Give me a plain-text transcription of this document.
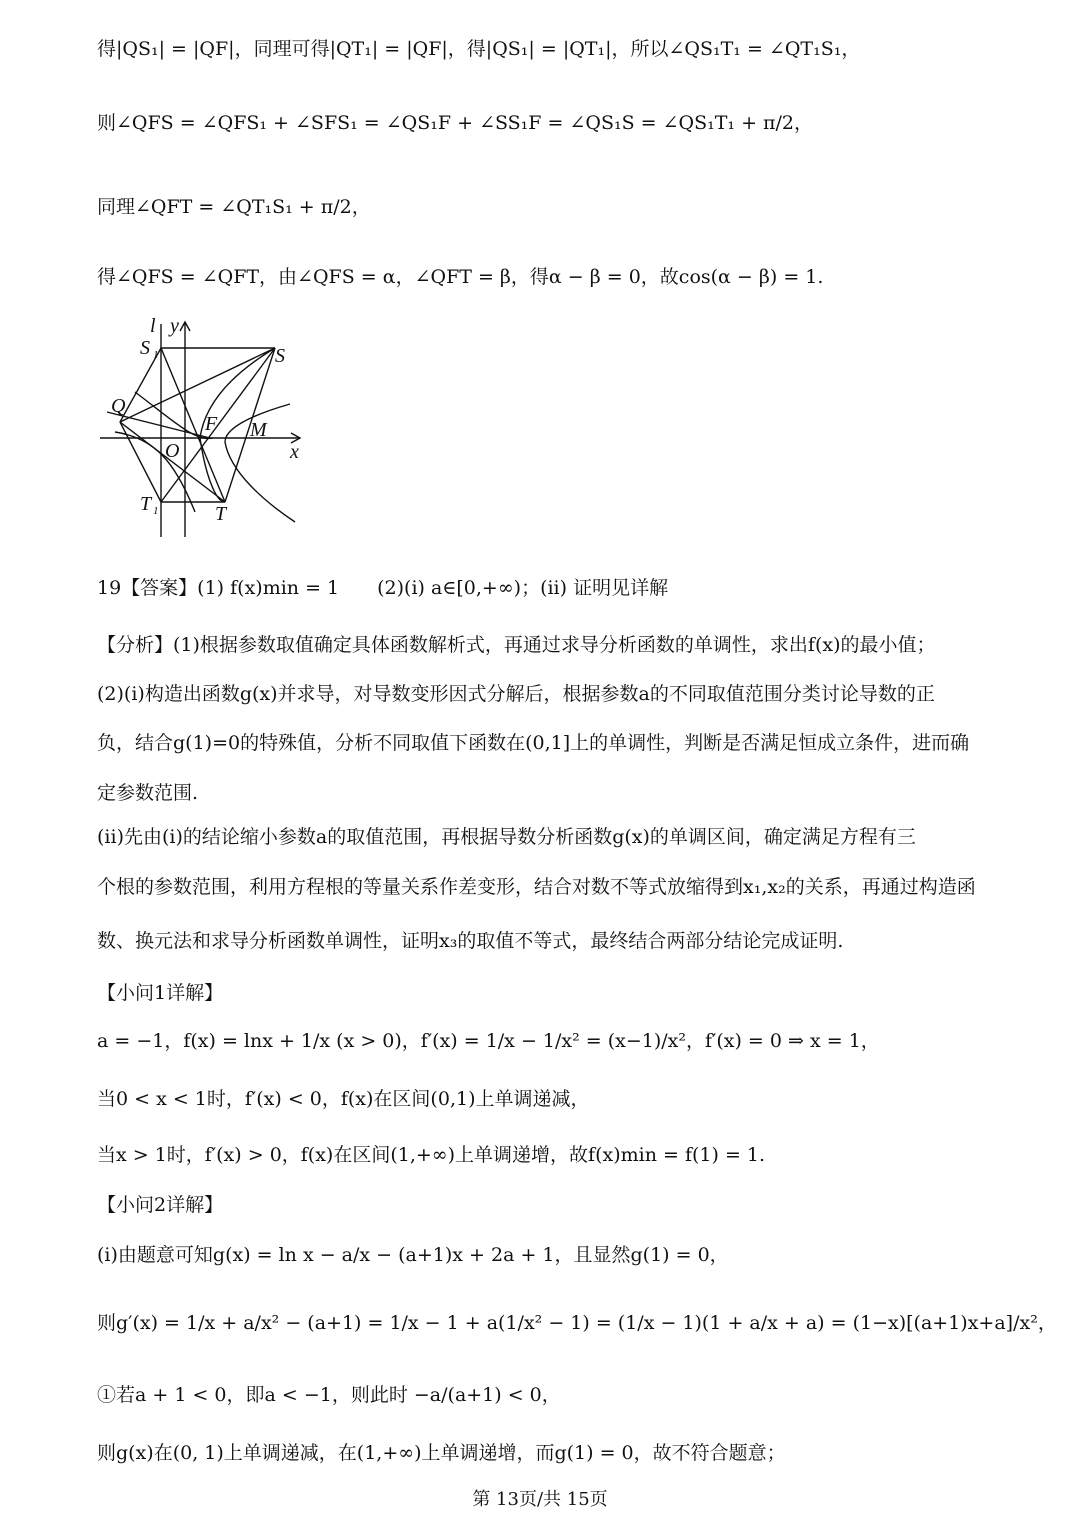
得|QS₁| = |QF|，同理可得|QT₁| = |QF|，得|QS₁| = |QT₁|，所以∠QS₁T₁ = ∠QT₁S₁，
则∠QFS = ∠QFS₁ + ∠SFS₁ = ∠QS₁F + ∠SS₁F = ∠QS₁S = ∠QS₁T₁ + π/2，
同理∠QFT = ∠QT₁S₁ + π/2，
得∠QFS = ∠QFT，由∠QFS = α，∠QFT = β，得α − β = 0，故cos(α − β) = 1.
l y
S 1	S
Q
F M
O	x
T 1	T
19【答案】(1) f(x)min = 1　　(2)(i) a∈[0,+∞)；(ii) 证明见详解
【分析】(1)根据参数取值确定具体函数解析式，再通过求导分析函数的单调性，求出f(x)的最小值；
(2)(i)构造出函数g(x)并求导，对导数变形因式分解后，根据参数a的不同取值范围分类讨论导数的正
负，结合g(1)=0的特殊值，分析不同取值下函数在(0,1]上的单调性，判断是否满足恒成立条件，进而确
定参数范围.
(ii)先由(i)的结论缩小参数a的取值范围，再根据导数分析函数g(x)的单调区间，确定满足方程有三
个根的参数范围，利用方程根的等量关系作差变形，结合对数不等式放缩得到x₁,x₂的关系，再通过构造函
数、换元法和求导分析函数单调性，证明x₃的取值不等式，最终结合两部分结论完成证明.
【小问1详解】
a = −1，f(x) = lnx + 1/x (x > 0)，f′(x) = 1/x − 1/x² = (x−1)/x²，f′(x) = 0 ⇒ x = 1，
当0 < x < 1时，f′(x) < 0，f(x)在区间(0,1)上单调递减，
当x > 1时，f′(x) > 0，f(x)在区间(1,+∞)上单调递增，故f(x)min = f(1) = 1.
【小问2详解】
(i)由题意可知g(x) = ln x − a/x − (a+1)x + 2a + 1，且显然g(1) = 0，
则g′(x) = 1/x + a/x² − (a+1) = 1/x − 1 + a(1/x² − 1) = (1/x − 1)(1 + a/x + a) = (1−x)[(a+1)x+a]/x²，
①若a + 1 < 0，即a < −1，则此时 −a/(a+1) < 0，
则g(x)在(0, 1)上单调递减，在(1,+∞)上单调递增，而g(1) = 0，故不符合题意；
第 13页/共 15页
